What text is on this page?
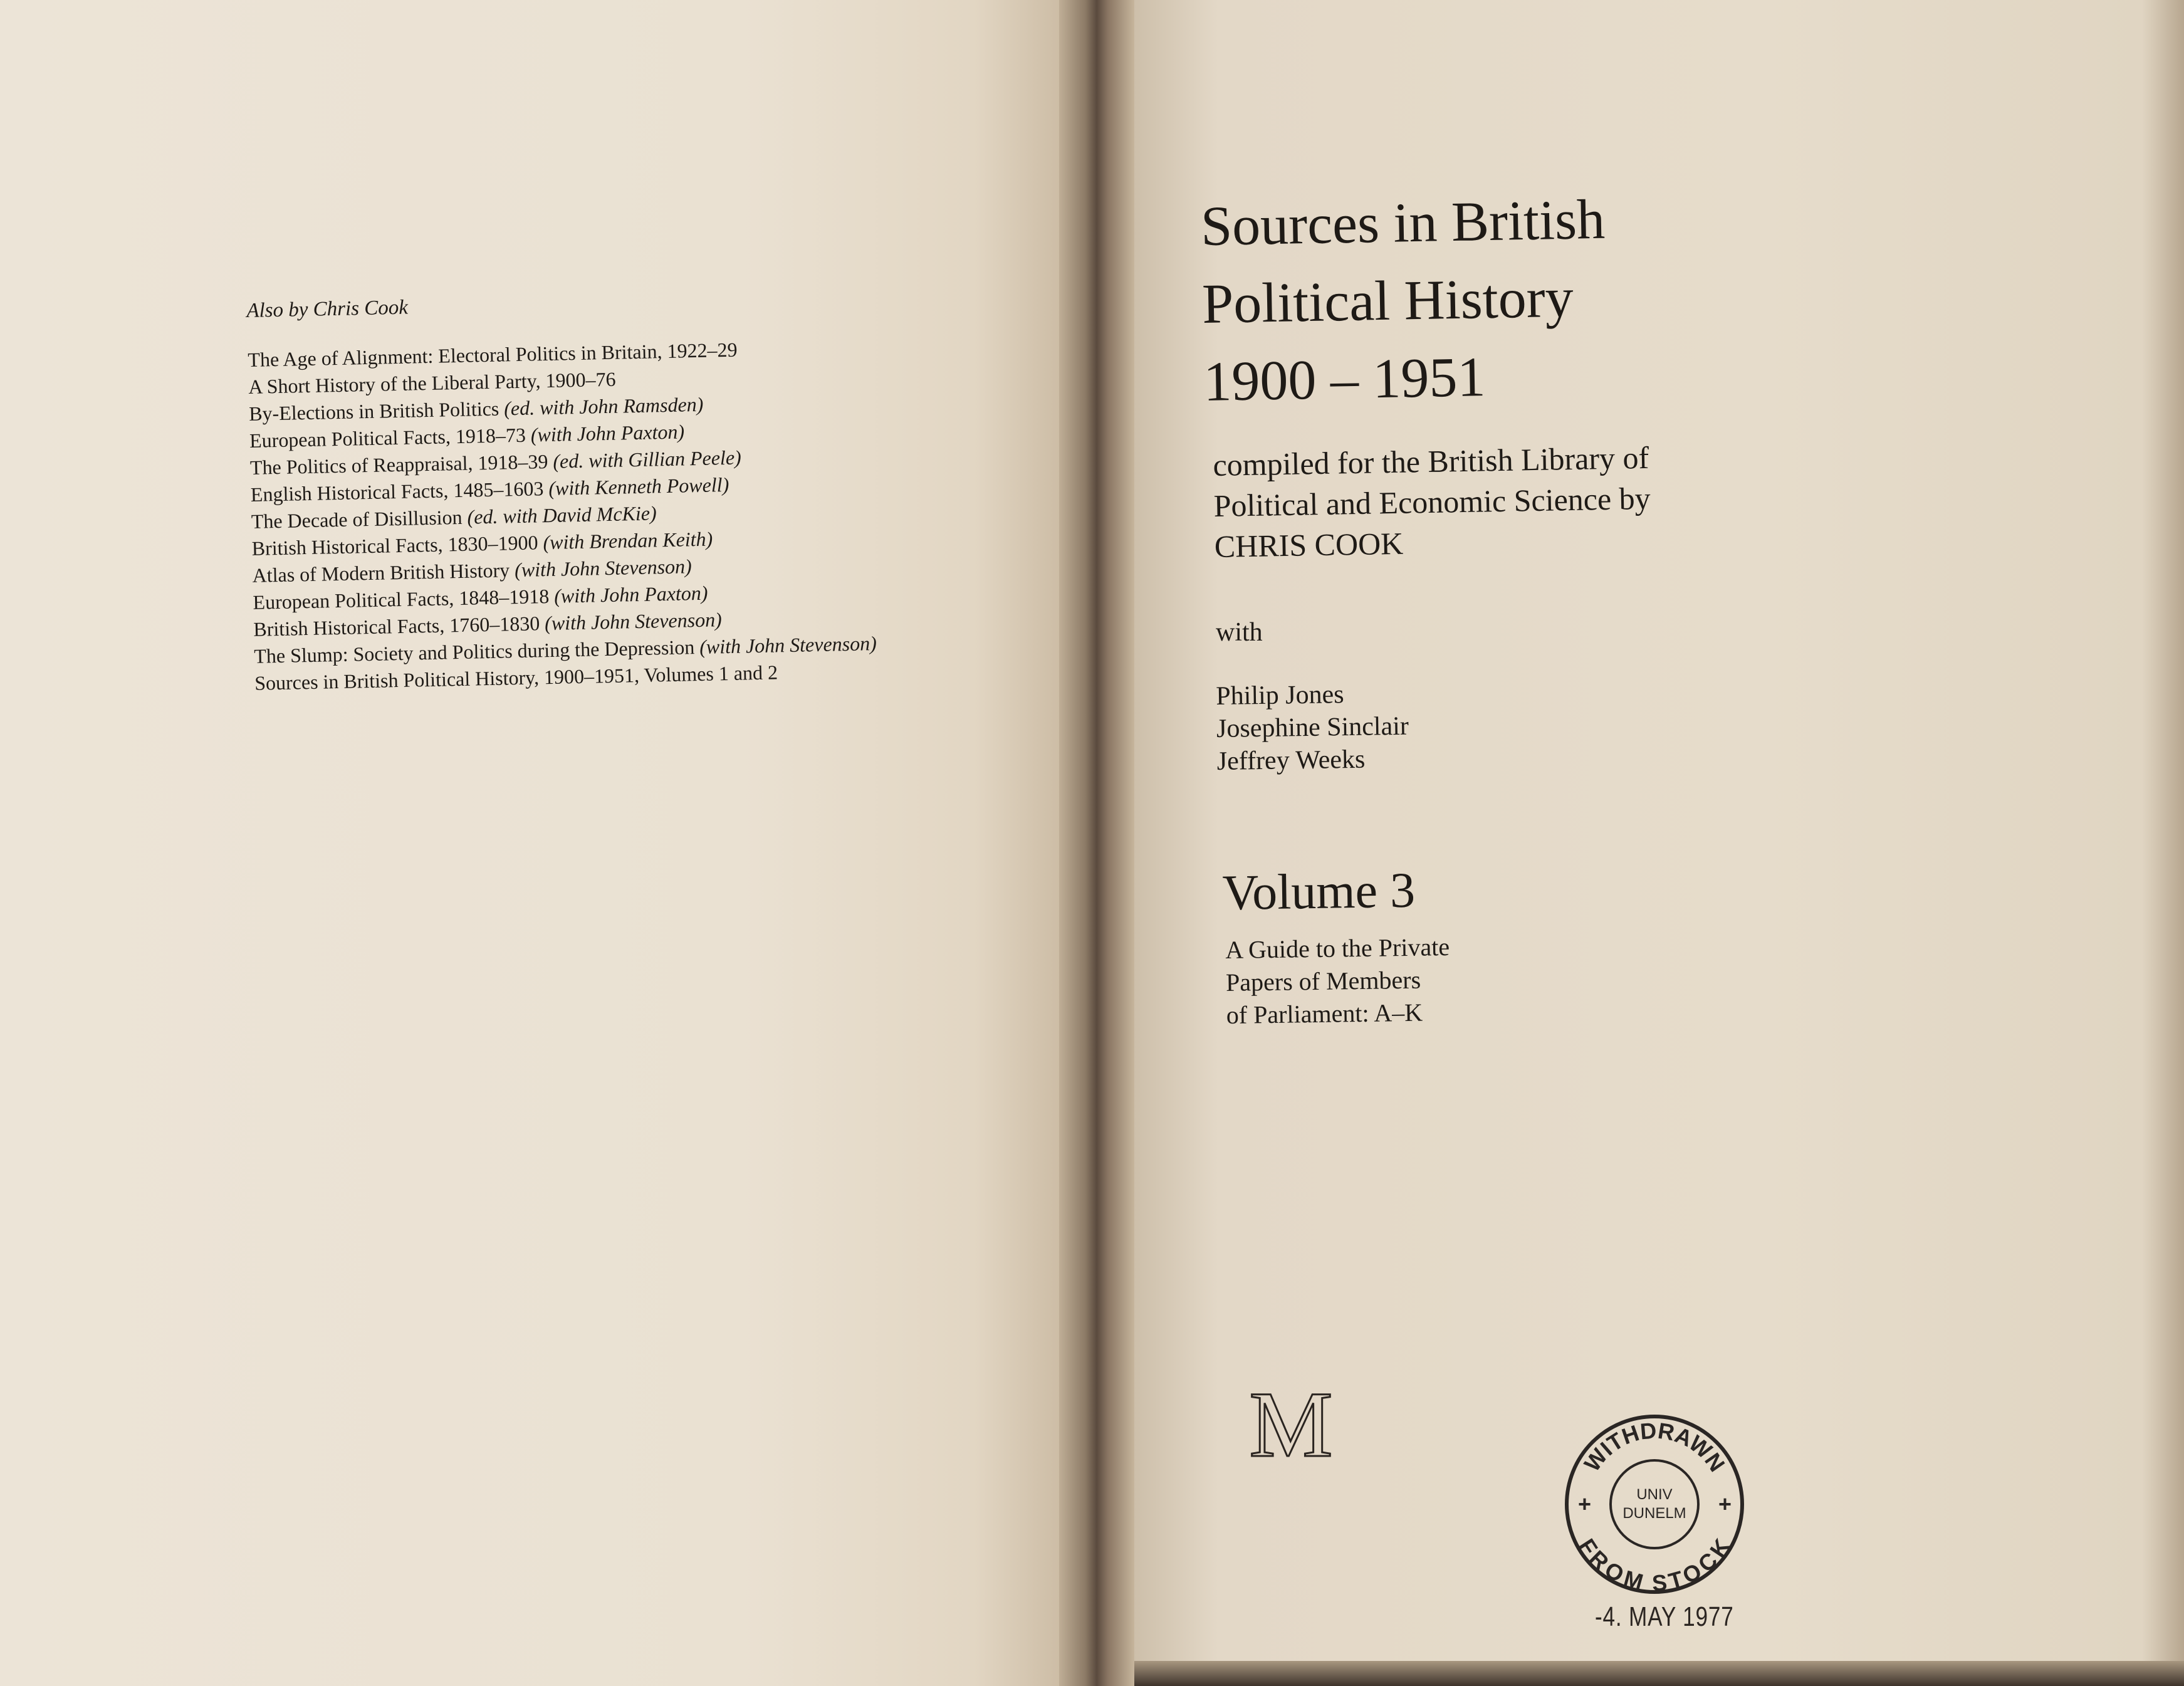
Also by Chris Cook
The Age of Alignment: Electoral Politics in Britain, 1922–29
A Short History of the Liberal Party, 1900–76
By-Elections in British Politics (ed. with John Ramsden)
European Political Facts, 1918–73 (with John Paxton)
The Politics of Reappraisal, 1918–39 (ed. with Gillian Peele)
English Historical Facts, 1485–1603 (with Kenneth Powell)
The Decade of Disillusion (ed. with David McKie)
British Historical Facts, 1830–1900 (with Brendan Keith)
Atlas of Modern British History (with John Stevenson)
European Political Facts, 1848–1918 (with John Paxton)
British Historical Facts, 1760–1830 (with John Stevenson)
The Slump: Society and Politics during the Depression (with John Stevenson)
Sources in British Political History, 1900–1951, Volumes 1 and 2
Sources in British
Political History
1900 – 1951
compiled for the British Library of
Political and Economic Science by
CHRIS COOK
with
Philip Jones
Josephine Sinclair
Jeffrey Weeks
Volume 3
A Guide to the Private
Papers of Members
of Parliament: A–K
M	WITHDRAWN
FROM STOCK
+	+
UNIV
DUNELM
-4. MAY 1977
